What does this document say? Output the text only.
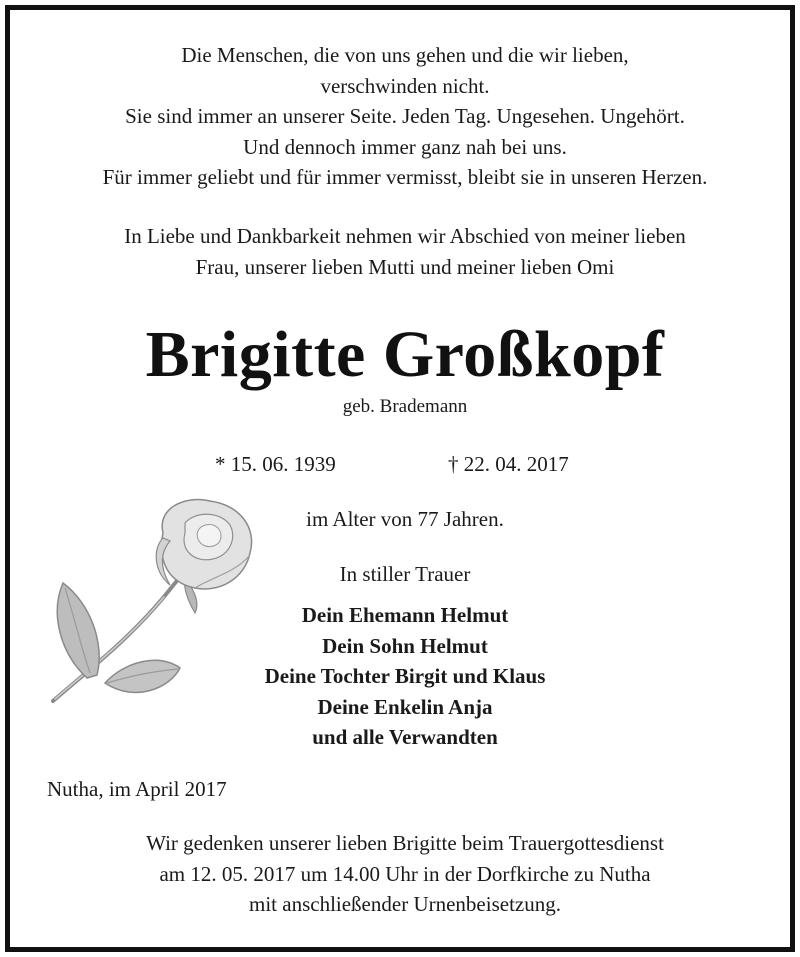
Die Menschen, die von uns gehen und die wir lieben,
verschwinden nicht.
Sie sind immer an unserer Seite. Jeden Tag. Ungesehen. Ungehört.
Und dennoch immer ganz nah bei uns.
Für immer geliebt und für immer vermisst, bleibt sie in unseren Herzen.
In Liebe und Dankbarkeit nehmen wir Abschied von meiner lieben
Frau, unserer lieben Mutti und meiner lieben Omi
Brigitte Großkopf
geb. Brademann
* 15. 06. 1939	† 22. 04. 2017
im Alter von 77 Jahren.
In stiller Trauer
Dein Ehemann Helmut
Dein Sohn Helmut
Deine Tochter Birgit und Klaus
Deine Enkelin Anja
und alle Verwandten
Nutha, im April 2017
Wir gedenken unserer lieben Brigitte beim Trauergottesdienst
am 12. 05. 2017 um 14.00 Uhr in der Dorfkirche zu Nutha
mit anschließender Urnenbeisetzung.
